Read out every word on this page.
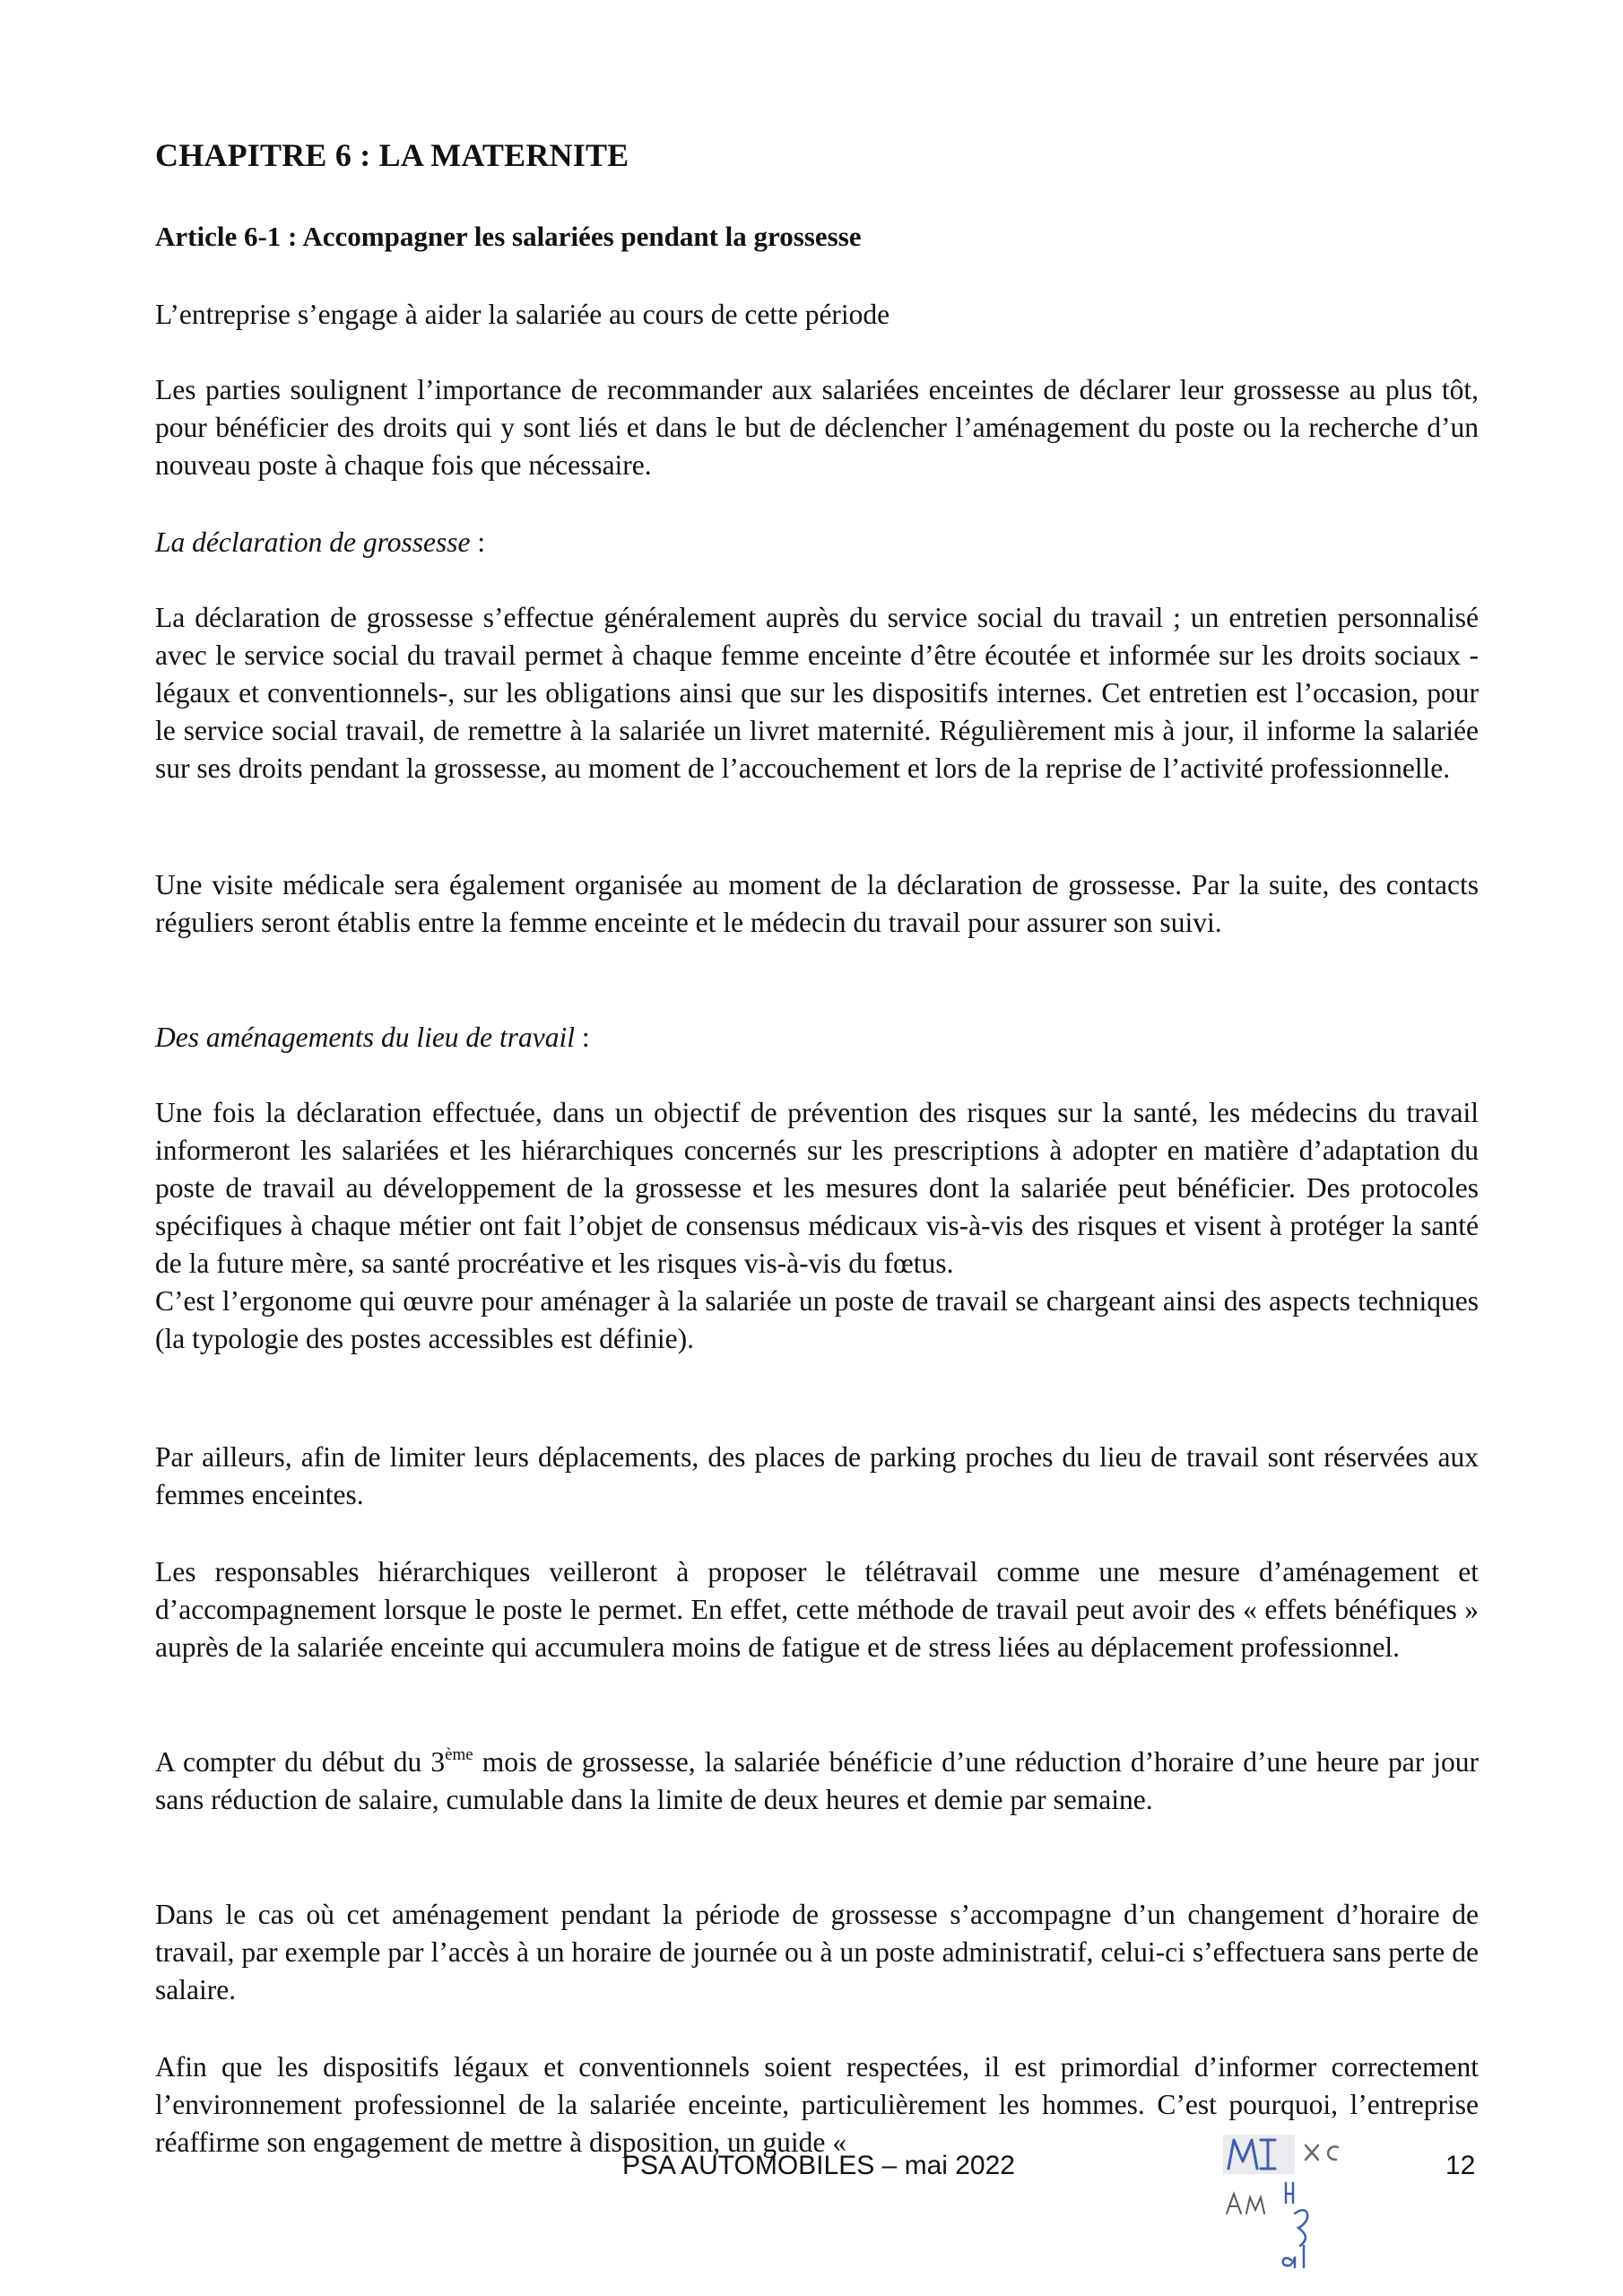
CHAPITRE 6 : LA MATERNITE
Article 6-1 : Accompagner les salariées pendant la grossesse

L’entreprise s’engage à aider la salariée au cours de cette période

Les parties soulignent l’importance de recommander aux salariées enceintes de déclarer leur grossesse au plus tôt, pour bénéficier des droits qui y sont liés et dans le but de déclencher l’aménagement du poste ou la recherche d’un nouveau poste à chaque fois que nécessaire.

La déclaration de grossesse :

La déclaration de grossesse s’effectue généralement auprès du service social du travail ; un entretien personnalisé avec le service social du travail permet à chaque femme enceinte d’être écoutée et informée sur les droits sociaux -légaux et conventionnels-, sur les obligations ainsi que sur les dispositifs internes. Cet entretien est l’occasion, pour le service social travail, de remettre à la salariée un livret maternité. Régulièrement mis à jour, il informe la salariée sur ses droits pendant la grossesse, au moment de l’accouchement et lors de la reprise de l’activité professionnelle.

Une visite médicale sera également organisée au moment de la déclaration de grossesse. Par la suite, des contacts réguliers seront établis entre la femme enceinte et le médecin du travail pour assurer son suivi.

Des aménagements du lieu de travail :

Une fois la déclaration effectuée, dans un objectif de prévention des risques sur la santé, les médecins du travail informeront les salariées et les hiérarchiques concernés sur les prescriptions à adopter en matière d’adaptation du poste de travail au développement de la grossesse et les mesures dont la salariée peut bénéficier. Des protocoles spécifiques à chaque métier ont fait l’objet de consensus médicaux vis-à-vis des risques et visent à protéger la santé de la future mère, sa santé procréative et les risques vis-à-vis du fœtus.

C’est l’ergonome qui œuvre pour aménager à la salariée un poste de travail se chargeant ainsi des aspects techniques (la typologie des postes accessibles est définie).

Par ailleurs, afin de limiter leurs déplacements, des places de parking proches du lieu de travail sont réservées aux femmes enceintes.

Les responsables hiérarchiques veilleront à proposer le télétravail comme une mesure d’aménagement et d’accompagnement lorsque le poste le permet. En effet, cette méthode de travail peut avoir des « effets bénéfiques » auprès de la salariée enceinte qui accumulera moins de fatigue et de stress liées au déplacement professionnel.

A compter du début du 3ème mois de grossesse, la salariée bénéficie d’une réduction d’horaire d’une heure par jour sans réduction de salaire, cumulable dans la limite de deux heures et demie par semaine.

Dans le cas où cet aménagement pendant la période de grossesse s’accompagne d’un changement d’horaire de travail, par exemple par l’accès à un horaire de journée ou à un poste administratif, celui-ci s’effectuera sans perte de salaire.

Afin que les dispositifs légaux et conventionnels soient respectées, il est primordial d’informer correctement l’environnement professionnel de la salariée enceinte, particulièrement les hommes. C’est pourquoi, l’entreprise réaffirme son engagement de mettre à disposition, un guide «

PSA AUTOMOBILES – mai 2022	12
